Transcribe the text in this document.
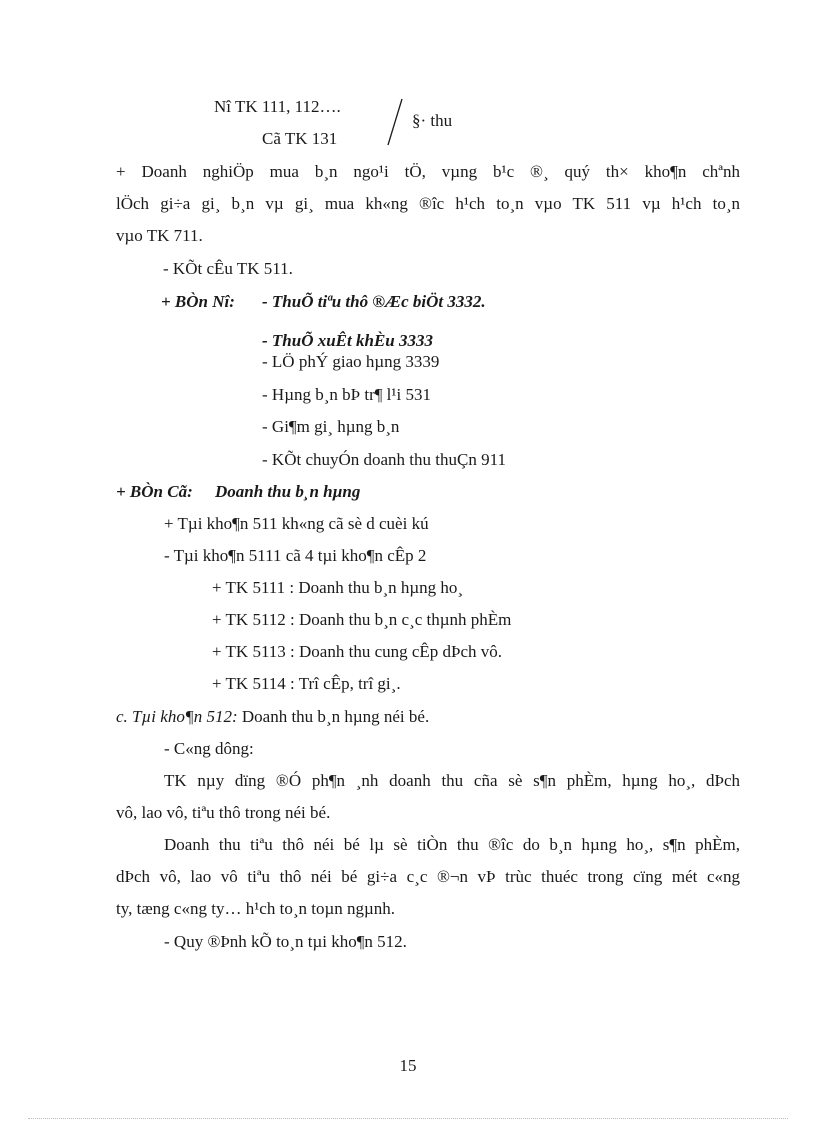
Nî TK 111, 112….
Cã TK 131
§· thu
+ Doanh nghiÖp mua b¸n ngo¹i tÖ, vµng b¹c ®¸ quý th× kho¶n chªnh
lÖch gi÷a gi¸ b¸n vµ gi¸ mua kh«ng ®îc h¹ch to¸n vµo TK 511 vµ h¹ch to¸n
vµo TK 711.
- KÕt cÊu TK 511.
+ BÒn Nî: - ThuÕ tiªu thô ®Æc biÖt 3332.
- ThuÕ xuÊt khÈu 3333
- LÖ phÝ giao hµng 3339
- Hµng b¸n bÞ tr¶ l¹i 531
- Gi¶m gi¸ hµng b¸n
- KÕt chuyÓn doanh thu thuÇn 911
+ BÒn Cã: Doanh thu b¸n hµng
+ Tµi kho¶n 511 kh«ng cã sè d cuèi kú
- Tµi kho¶n 5111 cã 4 tµi kho¶n cÊp 2
+ TK 5111 : Doanh thu b¸n hµng ho¸
+ TK 5112 : Doanh thu b¸n c¸c thµnh phÈm
+ TK 5113 : Doanh thu cung cÊp dÞch vô.
+ TK 5114 : Trî cÊp, trî gi¸.
c. Tµi kho¶n 512: Doanh thu b¸n hµng néi bé.
- C«ng dông:
TK nµy dïng ®Ó ph¶n ¸nh doanh thu cña sè s¶n phÈm, hµng ho¸, dÞch
vô, lao vô, tiªu thô trong néi bé.
Doanh thu tiªu thô néi bé lµ sè tiÒn thu ®îc do b¸n hµng ho¸, s¶n phÈm,
dÞch vô, lao vô tiªu thô néi bé gi÷a c¸c ®¬n vÞ trùc thuéc trong cïng mét c«ng
ty, tæng c«ng ty… h¹ch to¸n toµn ngµnh.
- Quy ®Þnh kÕ to¸n tµi kho¶n 512.
15
